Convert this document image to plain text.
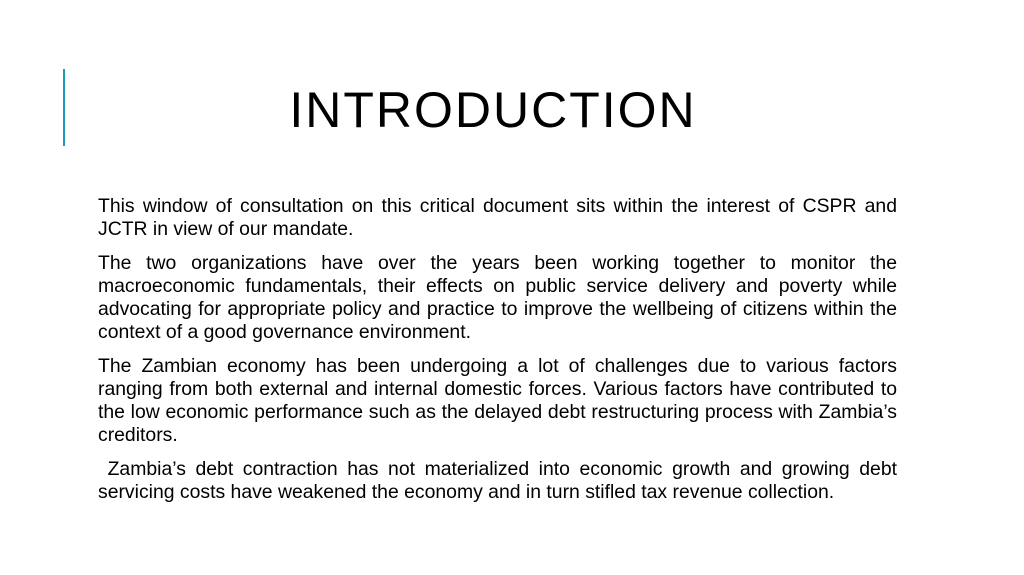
INTRODUCTION

This window of consultation on this critical document sits within the interest of CSPR and JCTR in view of our mandate.

The two organizations have over the years been working together to monitor the macroeconomic fundamentals, their effects on public service delivery and poverty while advocating for appropriate policy and practice to improve the wellbeing of citizens within the context of a good governance environment.

The Zambian economy has been undergoing a lot of challenges due to various factors ranging from both external and internal domestic forces. Various factors have contributed to the low economic performance such as the delayed debt restructuring process with Zambia’s creditors.

Zambia’s debt contraction has not materialized into economic growth and growing debt servicing costs have weakened the economy and in turn stifled tax revenue collection.
